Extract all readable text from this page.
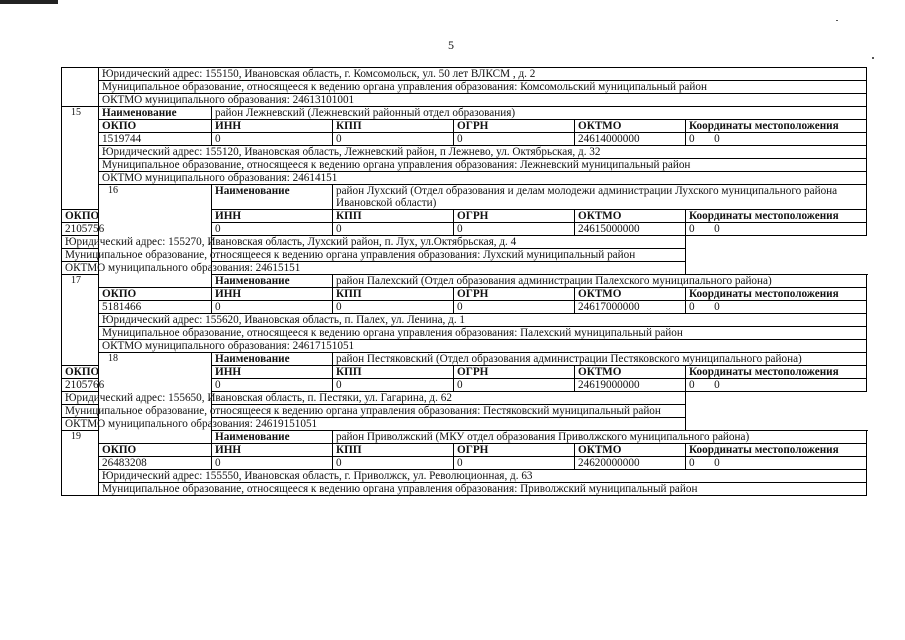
5
	Юридический адрес: 155150, Ивановская область, г. Комсомольск, ул. 50 лет ВЛКСМ , д. 2					
	Муниципальное образование, относящееся к ведению органа управления образования: Комсомольский муниципальный район					
	ОКТМО муниципального образования: 24613101001					
15	Наименование	район Лежневский (Лежневский районный отдел образования)				
	ОКПО	ИНН	КПП	ОГРН	ОКТМО	Координаты местоположения
	1519744	0	0	0	24614000000	0       0
	Юридический адрес: 155120, Ивановская область, Лежневский район, п Лежнево, ул. Октябрьская, д. 32					
	Муниципальное образование, относящееся к ведению органа управления образования: Лежневский муниципальный район					
	ОКТМО муниципального образования: 24614151					
	16	Наименование	район Лухский (Отдел образования и делам молодежи администрации Лухского муниципального района Ивановской области)			
ОКПО		ИНН	КПП	ОГРН	ОКТМО	Координаты местоположения
2105756		0	0	0	24615000000	0       0
Юридический адрес: 155270, Ивановская область, Лухский район, п. Лух, ул.Октябрьская, д. 4						
Муниципальное образование, относящееся к ведению органа управления образования: Лухский муниципальный район						
ОКТМО муниципального образования: 24615151						
17		Наименование	район Палехский (Отдел образования администрации Палехского муниципального района)			
	ОКПО	ИНН	КПП	ОГРН	ОКТМО	Координаты местоположения
	5181466	0	0	0	24617000000	0       0
	Юридический адрес: 155620, Ивановская область, п. Палех, ул. Ленина, д. 1					
	Муниципальное образование, относящееся к ведению органа управления образования: Палехский муниципальный район					
	ОКТМО муниципального образования: 24617151051					
	18	Наименование	район Пестяковский (Отдел образования администрации Пестяковского муниципального района)			
ОКПО		ИНН	КПП	ОГРН	ОКТМО	Координаты местоположения
2105766		0	0	0	24619000000	0       0
Юридический адрес: 155650, Ивановская область, п. Пестяки, ул. Гагарина, д. 62						
Муниципальное образование, относящееся к ведению органа управления образования: Пестяковский муниципальный район						
ОКТМО муниципального образования: 24619151051						
19		Наименование	район Приволжский (МКУ отдел образования Приволжского муниципального района)			
	ОКПО	ИНН	КПП	ОГРН	ОКТМО	Координаты местоположения
	26483208	0	0	0	24620000000	0       0
	Юридический адрес: 155550, Ивановская область, г. Приволжск, ул. Революционная, д. 63					
	Муниципальное образование, относящееся к ведению органа управления образования: Приволжский муниципальный район					
